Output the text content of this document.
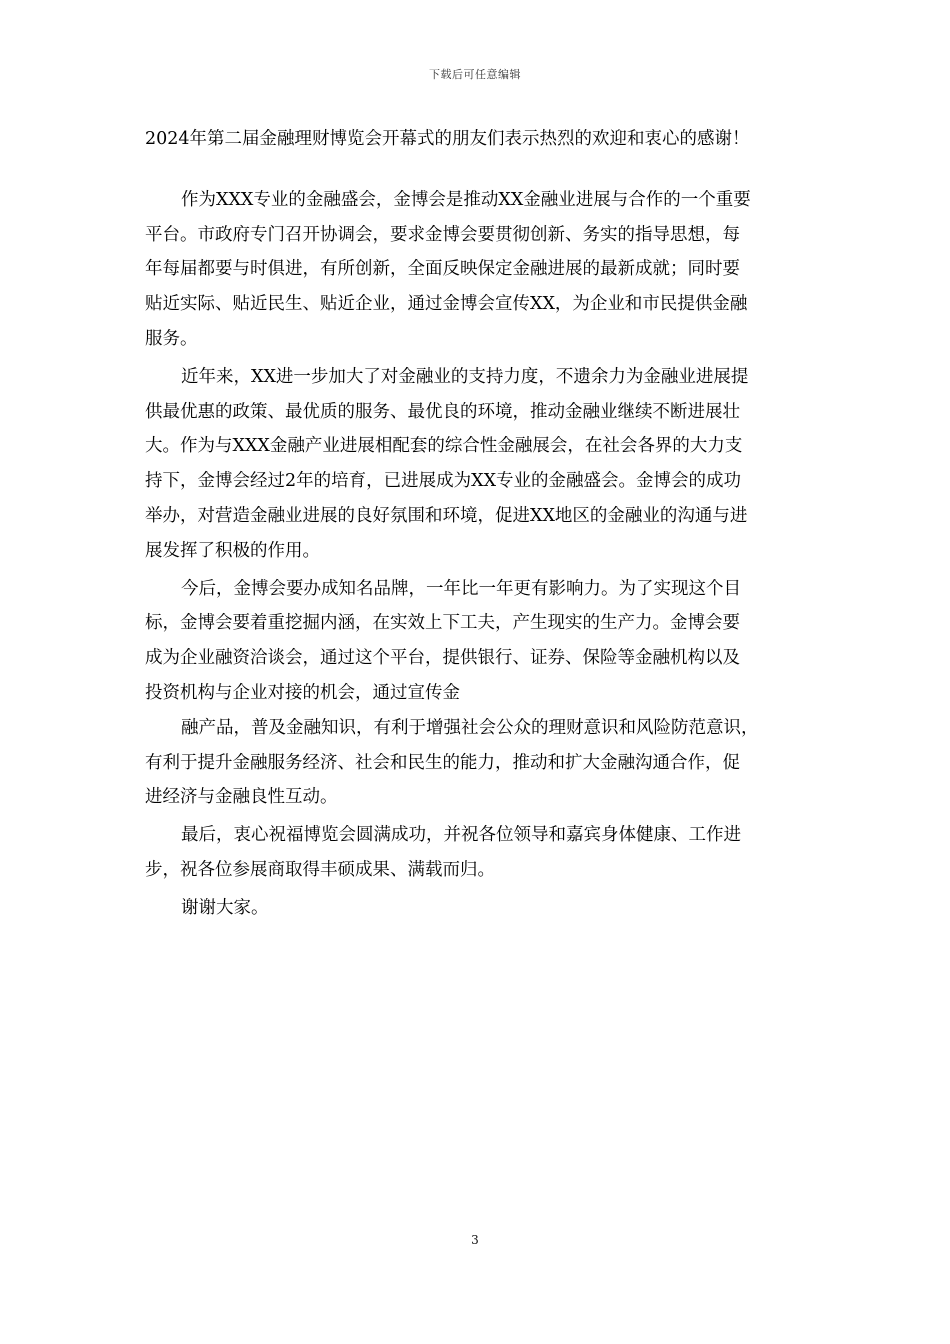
下载后可任意编辑
2024年第二届金融理财博览会开幕式的朋友们表示热烈的欢迎和衷心的感谢！
作为XXX专业的金融盛会，金博会是推动XX金融业进展与合作的一个重要
平台。市政府专门召开协调会，要求金博会要贯彻创新、务实的指导思想，每
年每届都要与时俱进，有所创新，全面反映保定金融进展的最新成就；同时要
贴近实际、贴近民生、贴近企业，通过金博会宣传XX，为企业和市民提供金融
服务。
近年来，XX进一步加大了对金融业的支持力度，不遗余力为金融业进展提
供最优惠的政策、最优质的服务、最优良的环境，推动金融业继续不断进展壮
大。作为与XXX金融产业进展相配套的综合性金融展会，在社会各界的大力支
持下，金博会经过2年的培育，已进展成为XX专业的金融盛会。金博会的成功
举办，对营造金融业进展的良好氛围和环境，促进XX地区的金融业的沟通与进
展发挥了积极的作用。
今后，金博会要办成知名品牌，一年比一年更有影响力。为了实现这个目
标，金博会要着重挖掘内涵，在实效上下工夫，产生现实的生产力。金博会要
成为企业融资洽谈会，通过这个平台，提供银行、证券、保险等金融机构以及
投资机构与企业对接的机会，通过宣传金
融产品，普及金融知识，有利于增强社会公众的理财意识和风险防范意识，
有利于提升金融服务经济、社会和民生的能力，推动和扩大金融沟通合作，促
进经济与金融良性互动。
最后，衷心祝福博览会圆满成功，并祝各位领导和嘉宾身体健康、工作进
步，祝各位参展商取得丰硕成果、满载而归。
谢谢大家。
3
